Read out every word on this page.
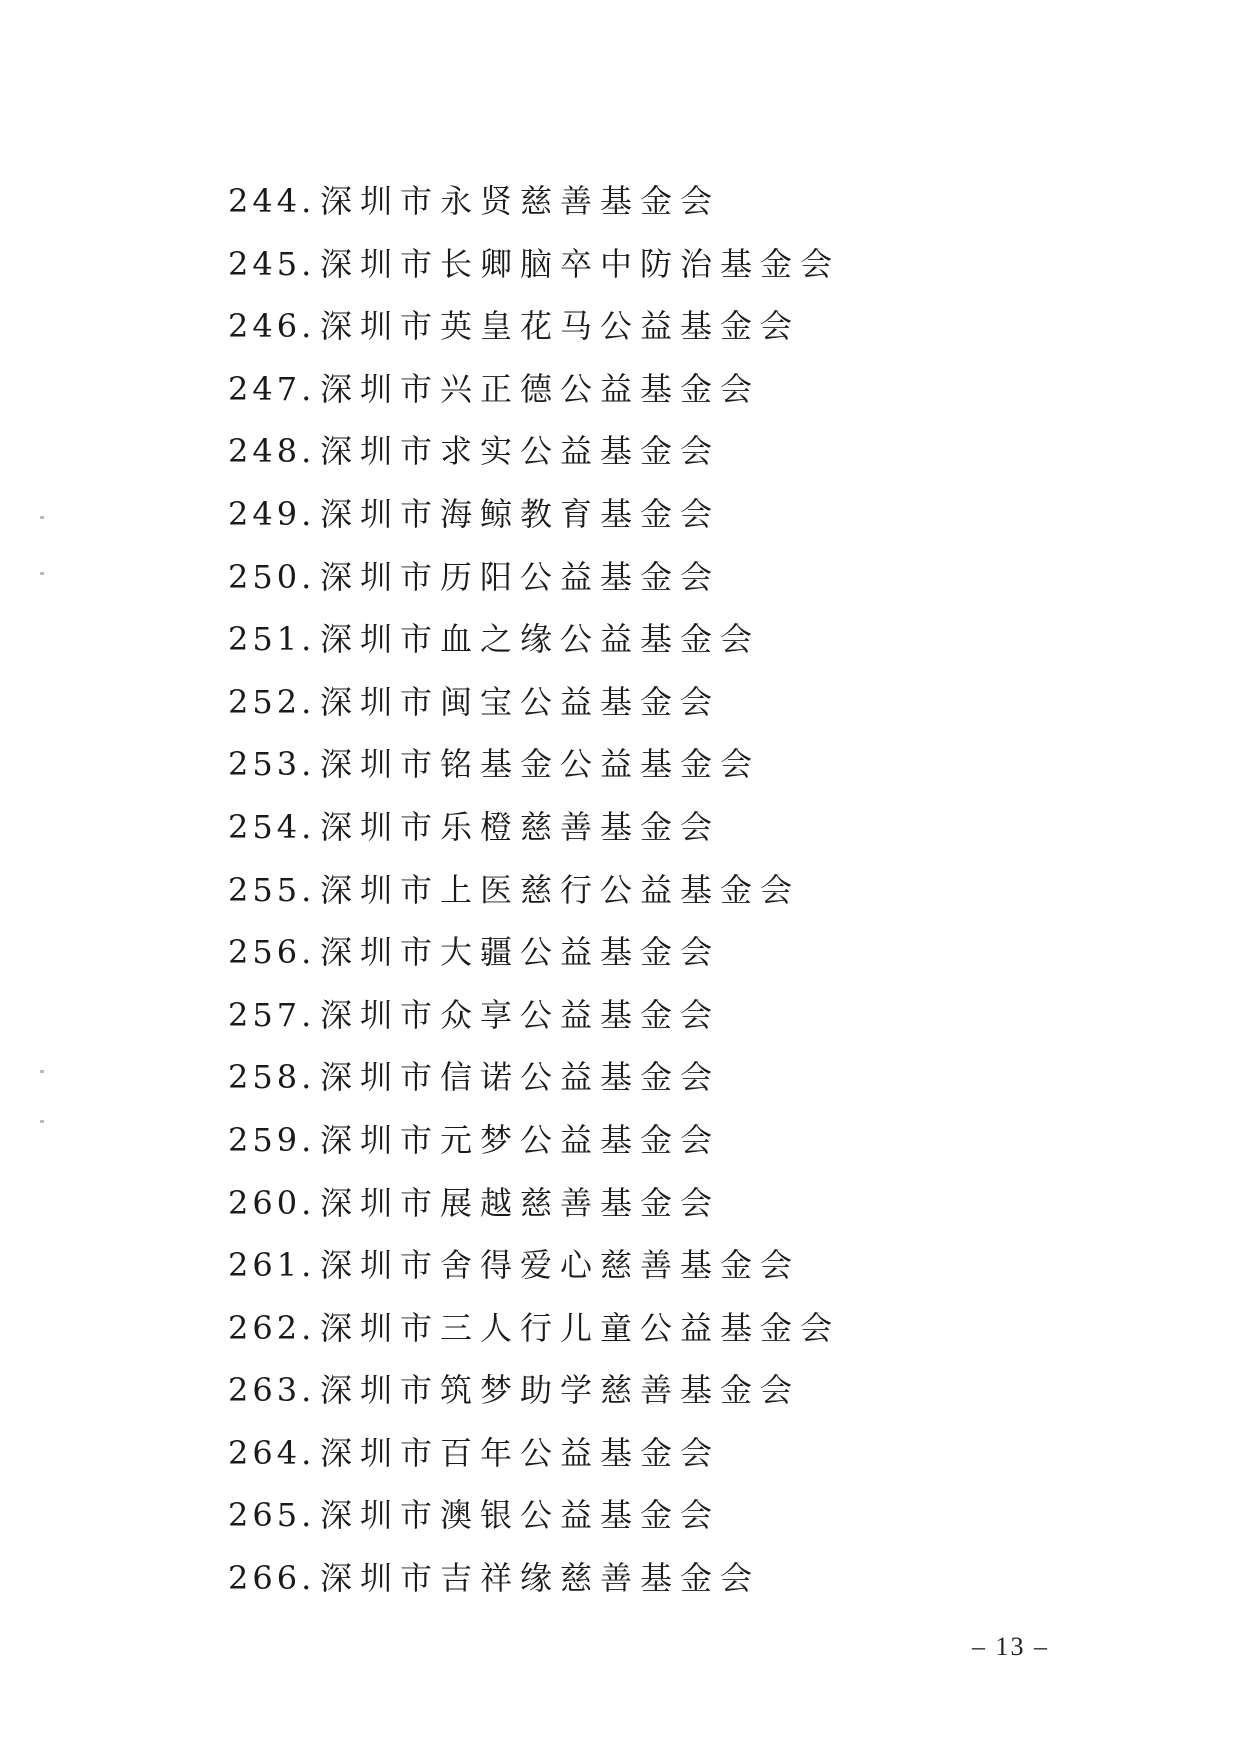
244. 深圳市永贤慈善基金会
245. 深圳市长卿脑卒中防治基金会
246. 深圳市英皇花马公益基金会
247. 深圳市兴正德公益基金会
248. 深圳市求实公益基金会
249. 深圳市海鲸教育基金会
250. 深圳市历阳公益基金会
251. 深圳市血之缘公益基金会
252. 深圳市闽宝公益基金会
253. 深圳市铭基金公益基金会
254. 深圳市乐橙慈善基金会
255. 深圳市上医慈行公益基金会
256. 深圳市大疆公益基金会
257. 深圳市众享公益基金会
258. 深圳市信诺公益基金会
259. 深圳市元梦公益基金会
260. 深圳市展越慈善基金会
261. 深圳市舍得爱心慈善基金会
262. 深圳市三人行儿童公益基金会
263. 深圳市筑梦助学慈善基金会
264. 深圳市百年公益基金会
265. 深圳市澳银公益基金会
266. 深圳市吉祥缘慈善基金会
– 13 –
